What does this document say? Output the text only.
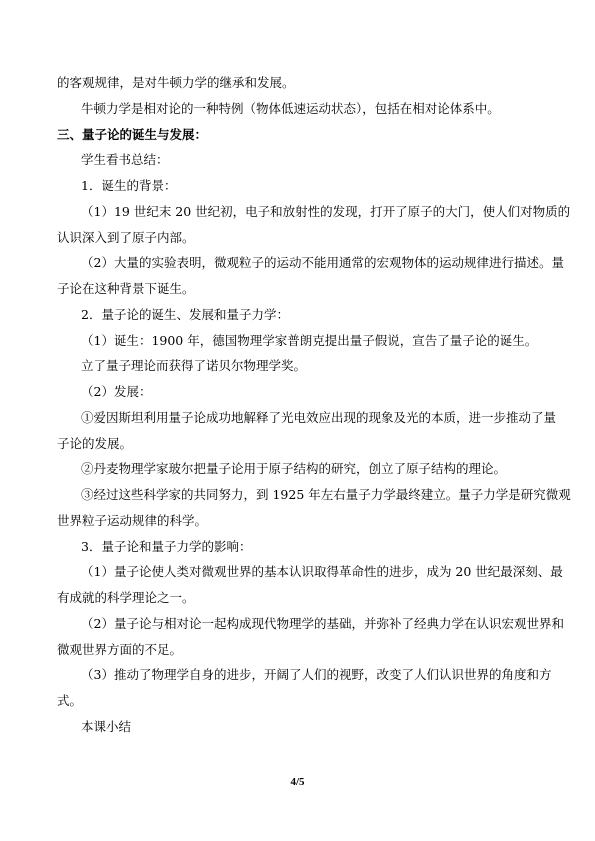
的客观规律，是对牛顿力学的继承和发展。
牛顿力学是相对论的一种特例（物体低速运动状态），包括在相对论体系中。
三、量子论的诞生与发展：
学生看书总结：
1．诞生的背景：
（1）19 世纪末 20 世纪初，电子和放射性的发现，打开了原子的大门，使人们对物质的
认识深入到了原子内部。
（2）大量的实验表明，微观粒子的运动不能用通常的宏观物体的运动规律进行描述。量
子论在这种背景下诞生。
2．量子论的诞生、发展和量子力学：
（1）诞生：1900 年，德国物理学家普朗克提出量子假说，宣告了量子论的诞生。
立了量子理论而获得了诺贝尔物理学奖。
（2）发展：
①爱因斯坦利用量子论成功地解释了光电效应出现的现象及光的本质，进一步推动了量
子论的发展。
②丹麦物理学家玻尔把量子论用于原子结构的研究，创立了原子结构的理论。
③经过这些科学家的共同努力，到 1925 年左右量子力学最终建立。量子力学是研究微观
世界粒子运动规律的科学。
3．量子论和量子力学的影响：
（1）量子论使人类对微观世界的基本认识取得革命性的进步，成为 20 世纪最深刻、最
有成就的科学理论之一。
（2）量子论与相对论一起构成现代物理学的基础，并弥补了经典力学在认识宏观世界和
微观世界方面的不足。
（3）推动了物理学自身的进步，开阔了人们的视野，改变了人们认识世界的角度和方
式。
本课小结
4/5
